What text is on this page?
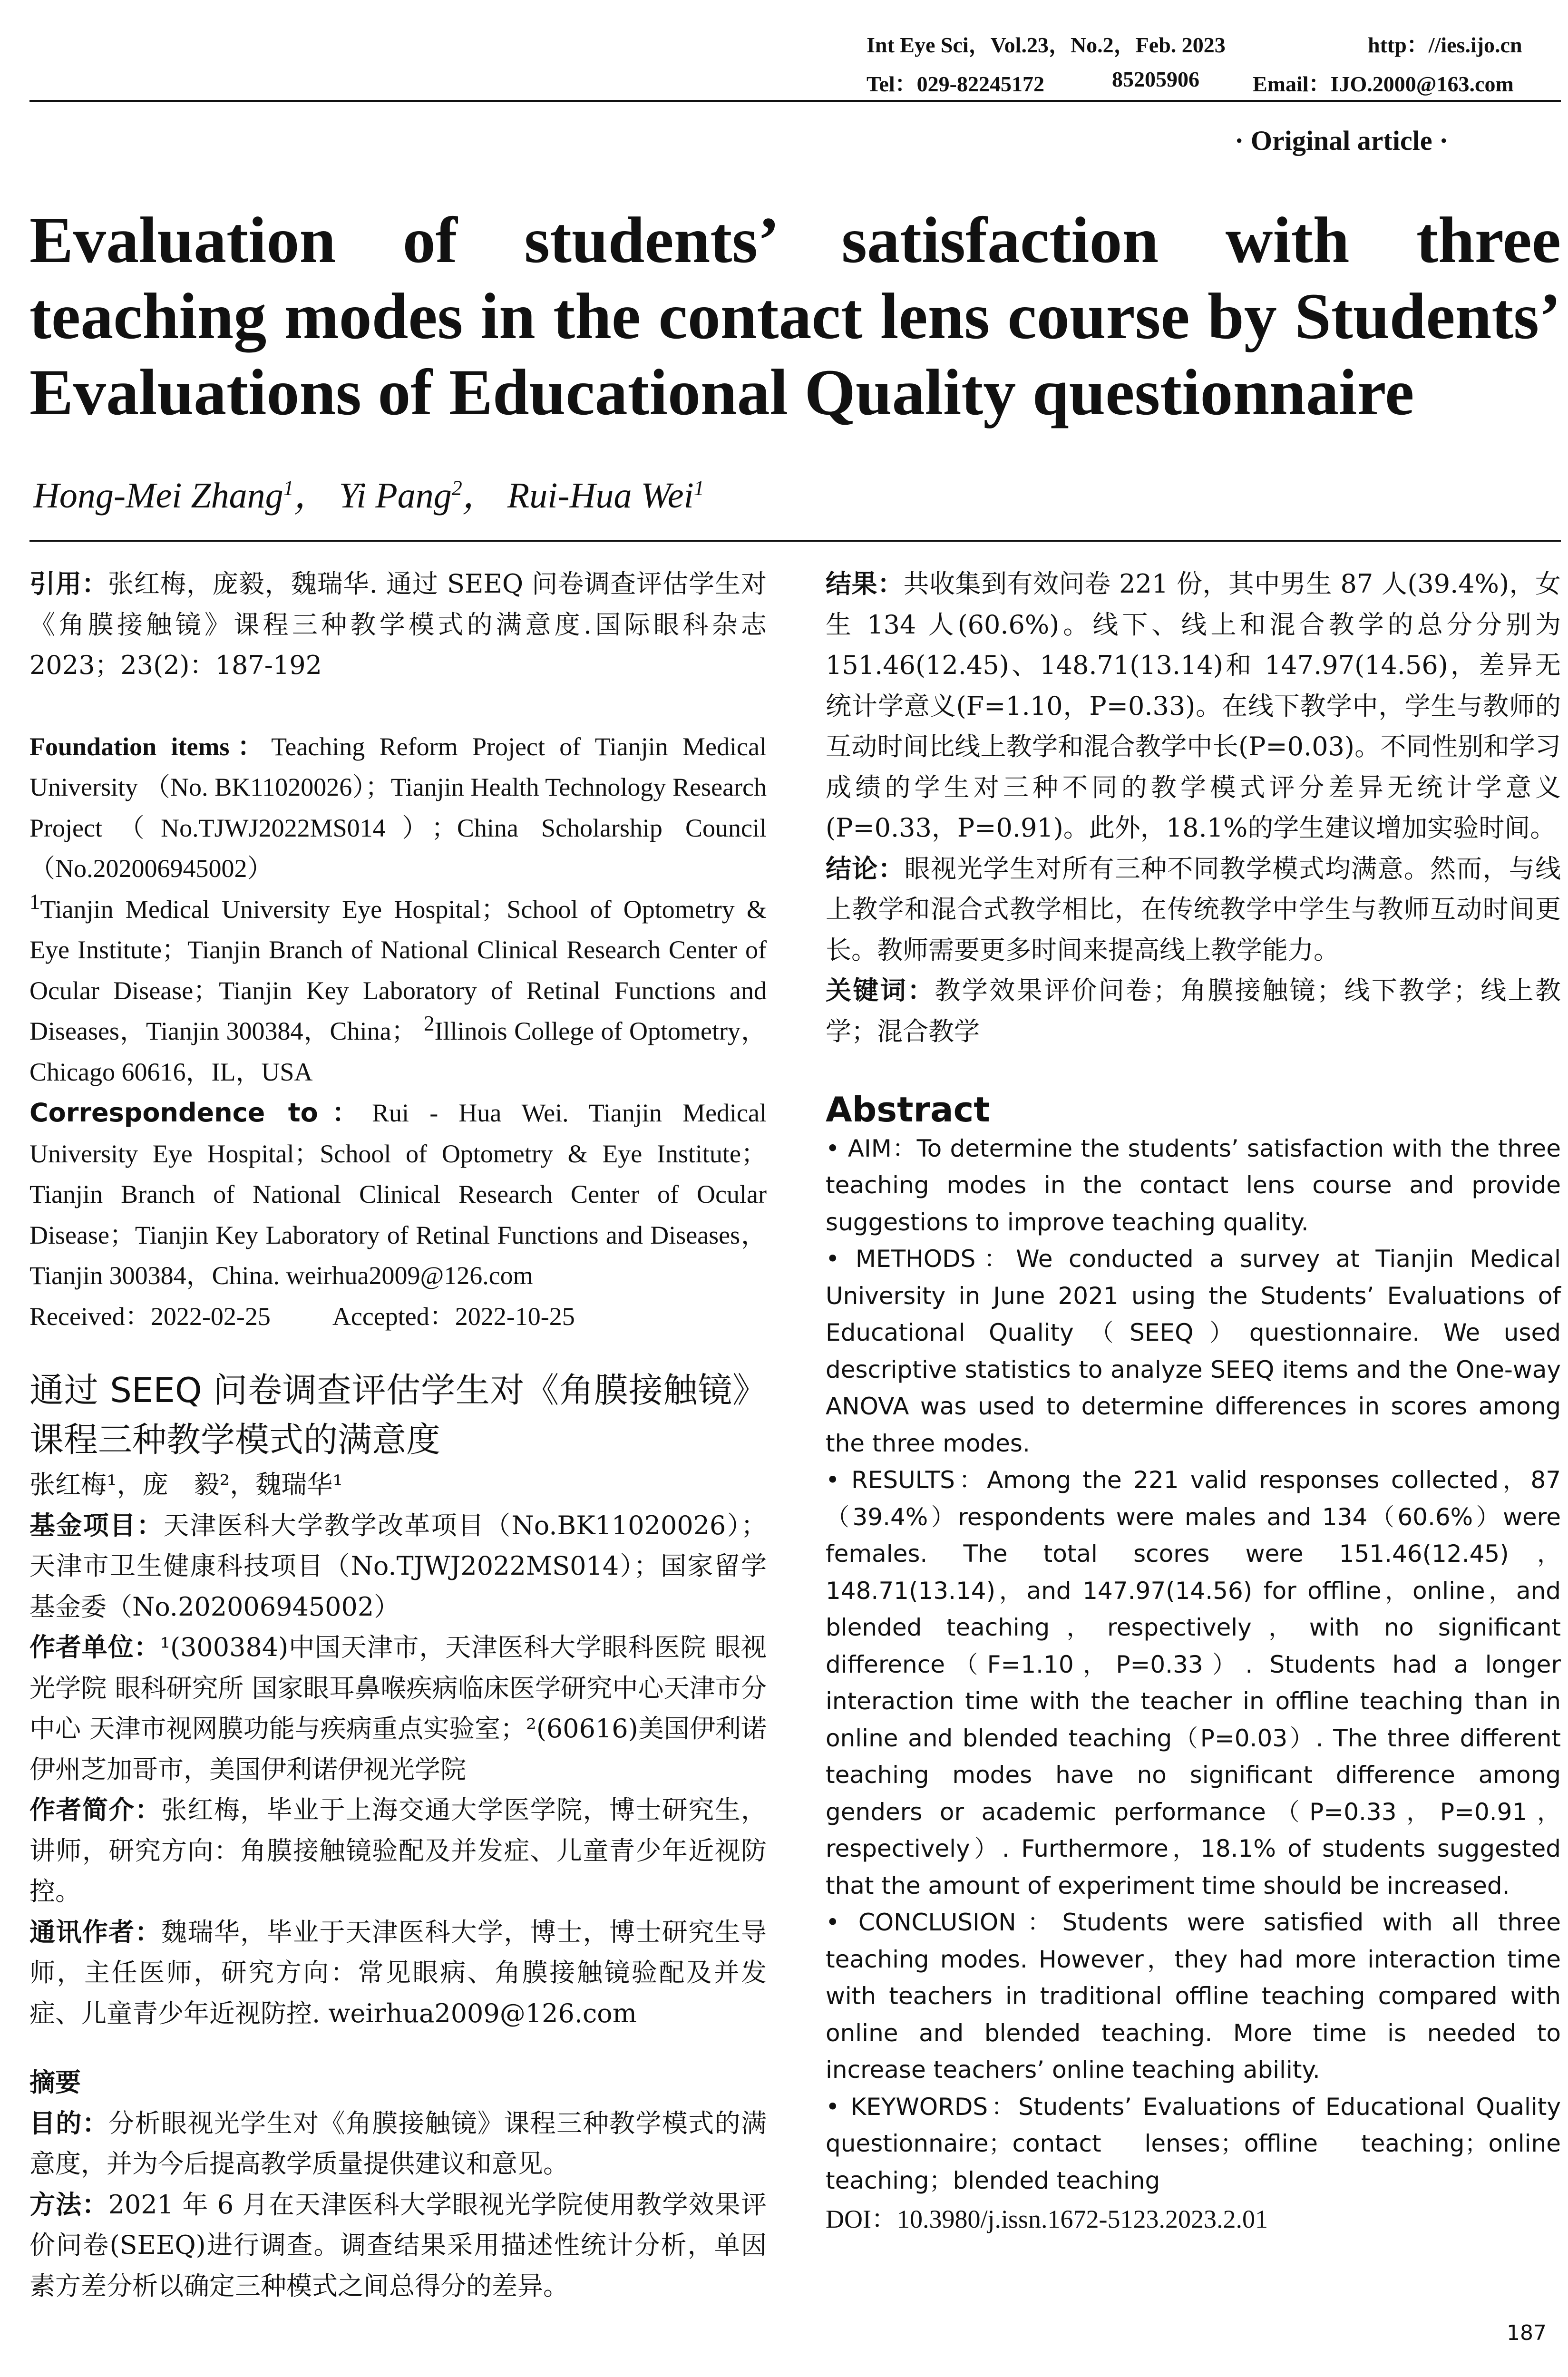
Int Eye Sci，Vol.23，No.2，Feb. 2023	http：//ies.ijo.cn
Tel：029-82245172	85205906 Email：IJO.2000@163.com
· Original article ·
Evaluation of students’ satisfaction with three teaching modes in the contact lens course by Students’ Evaluations of Educational Quality questionnaire
Hong-Mei Zhang$^1$， Yi Pang$^2$， Rui-Hua Wei$^1$

引用：张红梅，庞毅，魏瑞华. 通过 SEEQ 问卷调查评估学生对《角膜接触镜》课程三种教学模式的满意度.国际眼科杂志 2023；23(2)：187-192

Foundation items：Teaching Reform Project of Tianjin Medical University （No. BK11020026）；Tianjin Health Technology Research Project（No.TJWJ2022MS014）；China Scholarship Council（No.202006945002）

$^1$Tianjin Medical University Eye Hospital；School of Optometry & Eye Institute；Tianjin Branch of National Clinical Research Center of Ocular Disease；Tianjin Key Laboratory of Retinal Functions and Diseases，Tianjin 300384，China； $^2$Illinois College of Optometry，Chicago 60616，IL，USA

Correspondence to：Rui - Hua Wei. Tianjin Medical University Eye Hospital；School of Optometry & Eye Institute；Tianjin Branch of National Clinical Research Center of Ocular Disease；Tianjin Key Laboratory of Retinal Functions and Diseases，Tianjin 300384，China. weirhua2009@126.com

Received：2022-02-25 Accepted：2022-10-25

通过 SEEQ 问卷调查评估学生对《角膜接触镜》课程三种教学模式的满意度

张红梅¹，庞　毅²，魏瑞华¹

基金项目：天津医科大学教学改革项目（No.BK11020026）；天津市卫生健康科技项目（No.TJWJ2022MS014）；国家留学基金委（No.202006945002）

作者单位：¹(300384)中国天津市，天津医科大学眼科医院 眼视光学院 眼科研究所 国家眼耳鼻喉疾病临床医学研究中心天津市分中心 天津市视网膜功能与疾病重点实验室；²(60616)美国伊利诺伊州芝加哥市，美国伊利诺伊视光学院

作者简介：张红梅，毕业于上海交通大学医学院，博士研究生，讲师，研究方向：角膜接触镜验配及并发症、儿童青少年近视防控。

通讯作者：魏瑞华，毕业于天津医科大学，博士，博士研究生导师，主任医师，研究方向：常见眼病、角膜接触镜验配及并发症、儿童青少年近视防控. weirhua2009@126.com

摘要

目的：分析眼视光学生对《角膜接触镜》课程三种教学模式的满意度，并为今后提高教学质量提供建议和意见。

方法：2021 年 6 月在天津医科大学眼视光学院使用教学效果评价问卷(SEEQ)进行调查。调查结果采用描述性统计分析，单因素方差分析以确定三种模式之间总得分的差异。

结果：共收集到有效问卷 221 份，其中男生 87 人(39.4%)，女生 134 人(60.6%)。线下、线上和混合教学的总分分别为 151.46(12.45)、148.71(13.14)和 147.97(14.56)，差异无统计学意义(F=1.10，P=0.33)。在线下教学中，学生与教师的互动时间比线上教学和混合教学中长(P=0.03)。不同性别和学习成绩的学生对三种不同的教学模式评分差异无统计学意义(P=0.33，P=0.91)。此外，18.1%的学生建议增加实验时间。

结论：眼视光学生对所有三种不同教学模式均满意。然而，与线上教学和混合式教学相比，在传统教学中学生与教师互动时间更长。教师需要更多时间来提高线上教学能力。

关键词：教学效果评价问卷；角膜接触镜；线下教学；线上教学；混合教学

Abstract

• AIM：To determine the students’ satisfaction with the three teaching modes in the contact lens course and provide suggestions to improve teaching quality.

• METHODS：We conducted a survey at Tianjin Medical University in June 2021 using the Students’ Evaluations of Educational Quality（SEEQ）questionnaire. We used descriptive statistics to analyze SEEQ items and the One-way ANOVA was used to determine differences in scores among the three modes.

• RESULTS：Among the 221 valid responses collected，87（39.4%）respondents were males and 134（60.6%）were females. The total scores were 151.46(12.45)，148.71(13.14)，and 147.97(14.56) for offline，online，and blended teaching，respectively，with no significant difference（F=1.10，P=0.33）. Students had a longer interaction time with the teacher in offline teaching than in online and blended teaching（P=0.03）. The three different teaching modes have no significant difference among genders or academic performance（P=0.33，P=0.91，respectively）. Furthermore，18.1% of students suggested that the amount of experiment time should be increased.

• CONCLUSION：Students were satisfied with all three teaching modes. However，they had more interaction time with teachers in traditional offline teaching compared with online and blended teaching. More time is needed to increase teachers’ online teaching ability.

• KEYWORDS：Students’ Evaluations of Educational Quality questionnaire；contact lenses；offline teaching；online teaching；blended teaching

DOI：10.3980/j.issn.1672-5123.2023.2.01

187
